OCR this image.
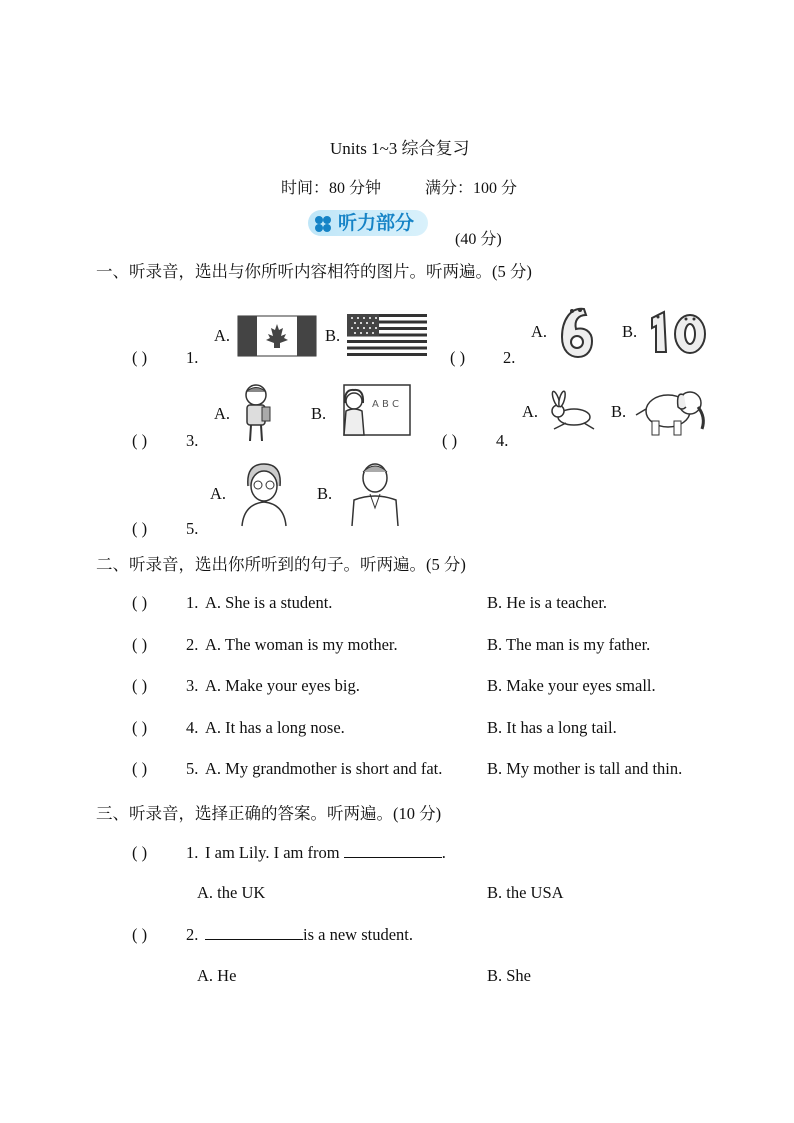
Units 1~3 综合复习
时间：80 分钟	满分：100 分
听力部分
(40 分)
一、听录音，选出与你所听内容相符的图片。听两遍。(5 分)
( ) 1.
A.	B.
( ) 2.
A.	B.
( ) 3.
A.	B.	A B C
( ) 4.
A.	B.
( ) 5.
A.	B.
二、听录音，选出你所听到的句子。听两遍。(5 分)
( ) 1. A. She is a student.	B. He is a teacher.
( ) 2. A. The woman is my mother.	B. The man is my father.
( ) 3. A. Make your eyes big.	B. Make your eyes small.
( ) 4. A. It has a long nose.	B. It has a long tail.
( ) 5. A. My grandmother is short and fat.	B. My mother is tall and thin.
三、听录音，选择正确的答案。听两遍。(10 分)
( ) 1. I am Lily. I am from	.
A. the UK	B. the USA
( ) 2.	is a new student.
A. He	B. She
